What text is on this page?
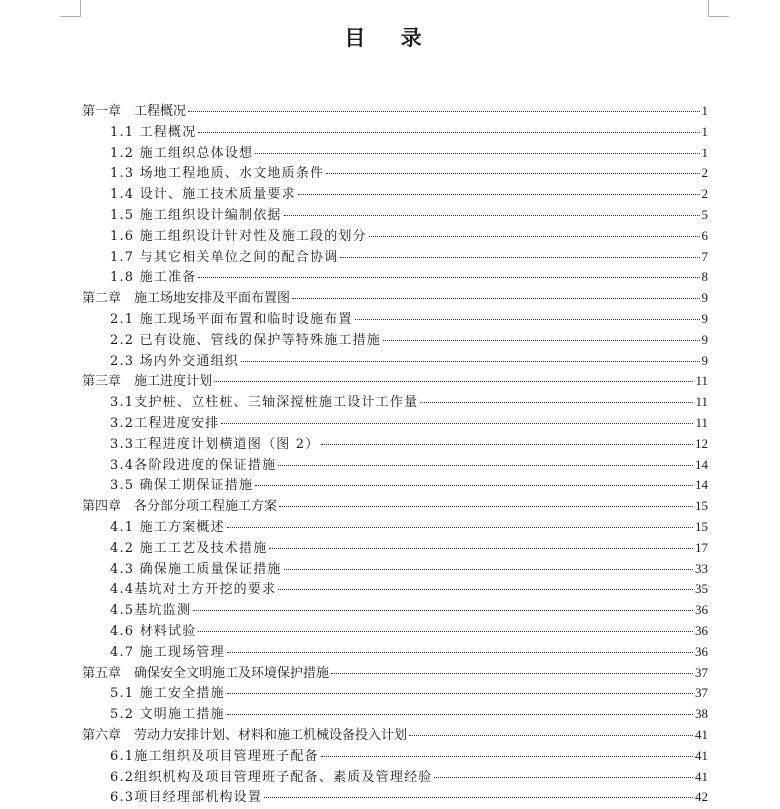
目 录
第一章　工程概况	1
1.1 工程概况	1
1.2 施工组织总体设想	1
1.3 场地工程地质、水文地质条件	2
1.4 设计、施工技术质量要求	2
1.5 施工组织设计编制依据	5
1.6 施工组织设计针对性及施工段的划分	6
1.7 与其它相关单位之间的配合协调	7
1.8 施工准备	8
第二章　施工场地安排及平面布置图	9
2.1 施工现场平面布置和临时设施布置	9
2.2 已有设施、管线的保护等特殊施工措施	9
2.3 场内外交通组织	9
第三章　施工进度计划	11
3.1支护桩、立柱桩、三轴深搅桩施工设计工作量	11
3.2工程进度安排	11
3.3工程进度计划横道图（图 2）	12
3.4各阶段进度的保证措施	14
3.5 确保工期保证措施	14
第四章　各分部分项工程施工方案	15
4.1 施工方案概述	15
4.2 施工工艺及技术措施	17
4.3 确保施工质量保证措施	33
4.4基坑对土方开挖的要求	35
4.5基坑监测	36
4.6 材料试验	36
4.7 施工现场管理	36
第五章　确保安全文明施工及环境保护措施	37
5.1 施工安全措施	37
5.2 文明施工措施	38
第六章　劳动力安排计划、材料和施工机械设备投入计划	41
6.1施工组织及项目管理班子配备	41
6.2组织机构及项目管理班子配备、素质及管理经验	41
6.3项目经理部机构设置	42
